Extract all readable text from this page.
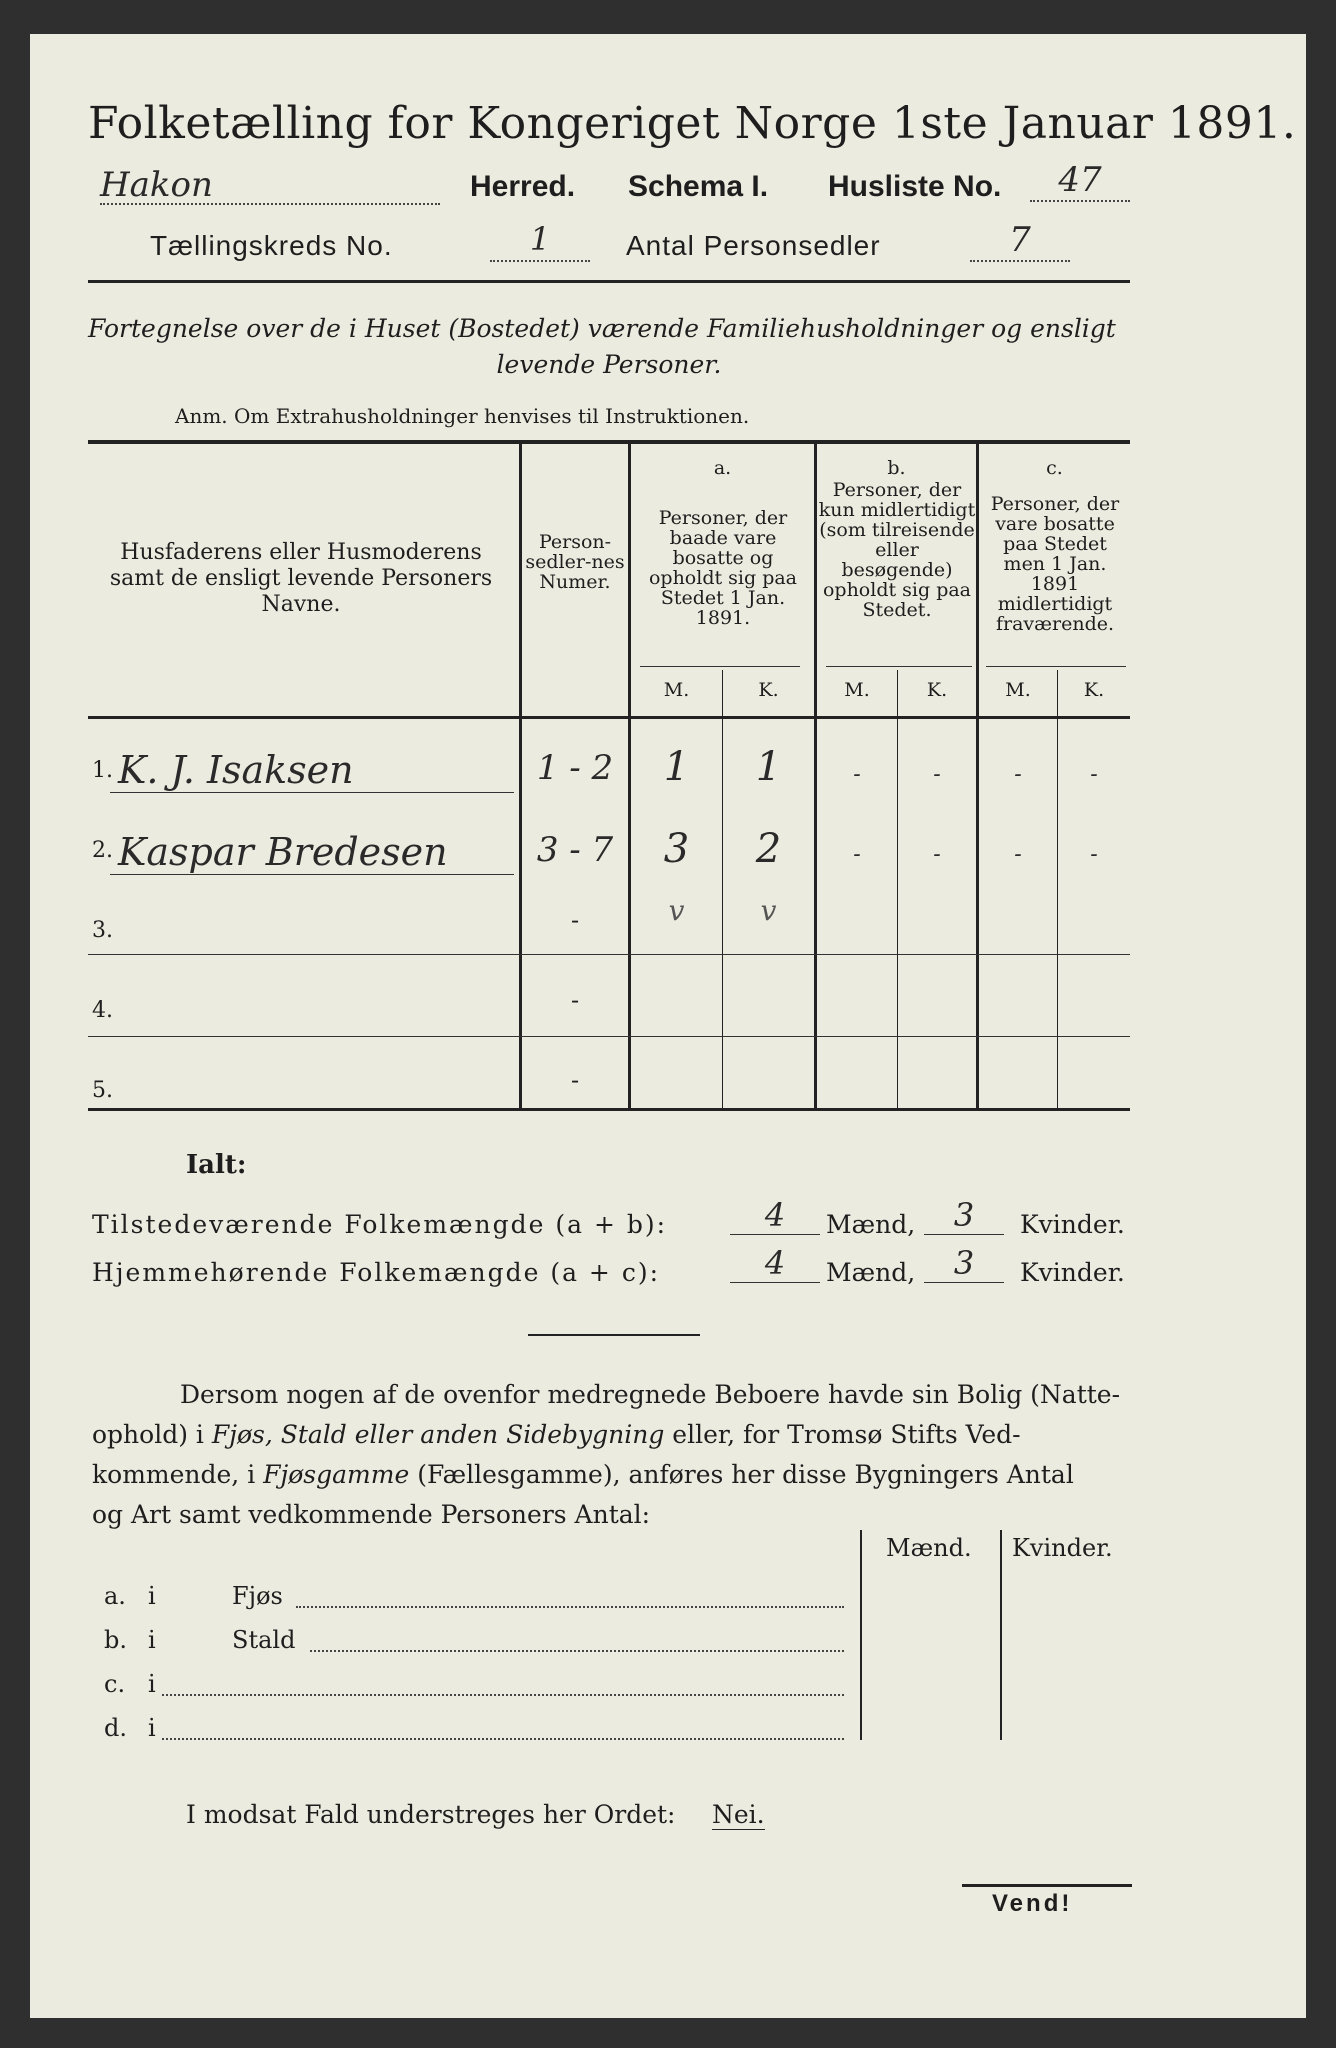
Folketælling for Kongeriget Norge 1ste Januar 1891.
Hakon	Herred. Schema I. Husliste No.	47
Tællingskreds No.	1	Antal Personsedler	7
Fortegnelse over de i Huset (Bostedet) værende Familiehusholdninger og ensligt
levende Personer.
Anm. Om Extrahusholdninger henvises til Instruktionen.
Husfaderens eller Husmoderens samt de ensligt levende Personers Navne.
Person-sedler-nes Numer.
a.
Personer, der baade vare bosatte og opholdt sig paa Stedet 1 Jan. 1891.
b.
Personer, der kun midlertidigt (som tilreisende eller besøgende) opholdt sig paa Stedet.
c.
Personer, der vare bosatte paa Stedet men 1 Jan. 1891 midlertidigt fraværende.
M.	K.	M.	K.	M.	K.
1. K. J. Isaksen	1 - 2	1	1	-	-	-	-
2. Kaspar Bredesen	3 - 7	3	2	-	-	-	-
3.	-	v	v
4.	-
5.	-
Ialt:
Tilstedeværende Folkemængde (a + b):	4	Mænd,	3	Kvinder.
Hjemmehørende Folkemængde (a + c):	4	Mænd,	3	Kvinder.
Dersom nogen af de ovenfor medregnede Beboere havde sin Bolig (Natte-
ophold) i Fjøs, Stald eller anden Sidebygning eller, for Tromsø Stifts Ved-
kommende, i Fjøsgamme (Fællesgamme), anføres her disse Bygningers Antal
og Art samt vedkommende Personers Antal:
Mænd. Kvinder.
a. i	Fjøs
b. i	Stald
c. i
d. i
I modsat Fald understreges her Ordet: Nei.
Vend!
